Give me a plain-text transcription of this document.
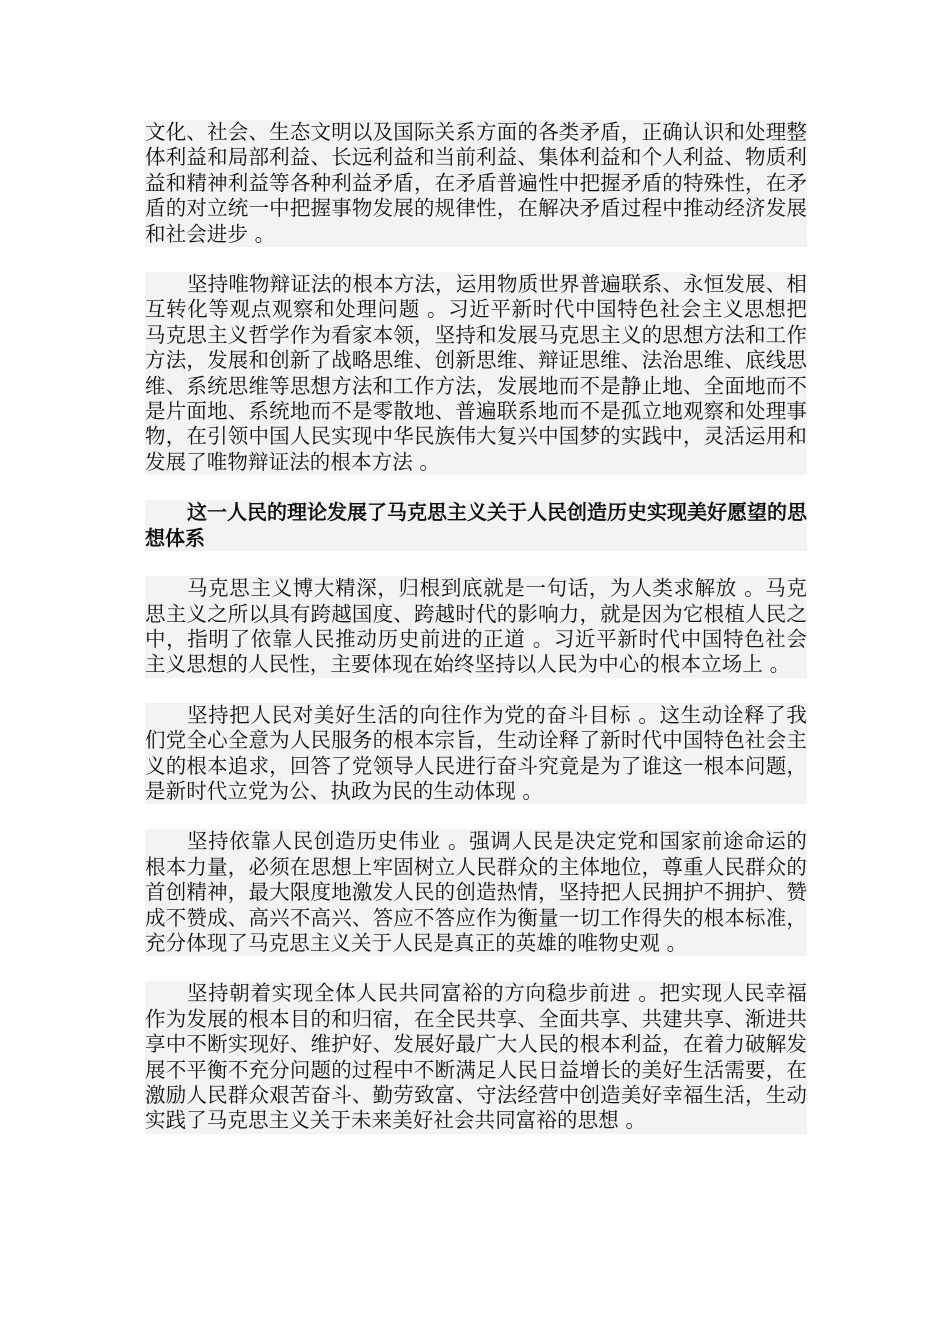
文化、社会、生态文明以及国际关系方面的各类矛盾，正确认识和处理整体利益和局部利益、长远利益和当前利益、集体利益和个人利益、物质利益和精神利益等各种利益矛盾，在矛盾普遍性中把握矛盾的特殊性，在矛盾的对立统一中把握事物发展的规律性，在解决矛盾过程中推动经济发展和社会进步 。

坚持唯物辩证法的根本方法，运用物质世界普遍联系、永恒发展、相互转化等观点观察和处理问题 。习近平新时代中国特色社会主义思想把马克思主义哲学作为看家本领，坚持和发展马克思主义的思想方法和工作方法，发展和创新了战略思维、创新思维、辩证思维、法治思维、底线思维、系统思维等思想方法和工作方法，发展地而不是静止地、全面地而不是片面地、系统地而不是零散地、普遍联系地而不是孤立地观察和处理事物，在引领中国人民实现中华民族伟大复兴中国梦的实践中，灵活运用和发展了唯物辩证法的根本方法 。

这一人民的理论发展了马克思主义关于人民创造历史实现美好愿望的思想体系

马克思主义博大精深，归根到底就是一句话，为人类求解放 。马克思主义之所以具有跨越国度、跨越时代的影响力，就是因为它根植人民之中，指明了依靠人民推动历史前进的正道 。习近平新时代中国特色社会主义思想的人民性，主要体现在始终坚持以人民为中心的根本立场上 。

坚持把人民对美好生活的向往作为党的奋斗目标 。这生动诠释了我们党全心全意为人民服务的根本宗旨，生动诠释了新时代中国特色社会主义的根本追求，回答了党领导人民进行奋斗究竟是为了谁这一根本问题，是新时代立党为公、执政为民的生动体现 。

坚持依靠人民创造历史伟业 。强调人民是决定党和国家前途命运的根本力量，必须在思想上牢固树立人民群众的主体地位，尊重人民群众的首创精神，最大限度地激发人民的创造热情，坚持把人民拥护不拥护、赞成不赞成、高兴不高兴、答应不答应作为衡量一切工作得失的根本标准，充分体现了马克思主义关于人民是真正的英雄的唯物史观 。

坚持朝着实现全体人民共同富裕的方向稳步前进 。把实现人民幸福作为发展的根本目的和归宿，在全民共享、全面共享、共建共享、渐进共享中不断实现好、维护好、发展好最广大人民的根本利益，在着力破解发展不平衡不充分问题的过程中不断满足人民日益增长的美好生活需要，在激励人民群众艰苦奋斗、勤劳致富、守法经营中创造美好幸福生活，生动实践了马克思主义关于未来美好社会共同富裕的思想 。
